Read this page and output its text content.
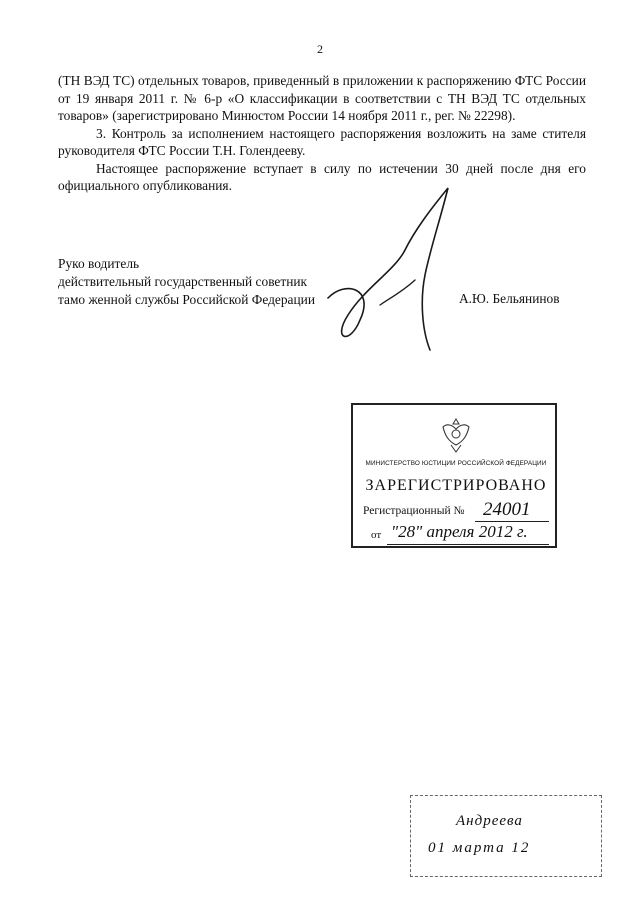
2

(ТН ВЭД ТС) отдельных товаров, приведенный в приложении к распоряжению ФТС России от 19 января 2011 г. № 6-р «О классификации в соответствии с ТН ВЭД ТС отдельных товаров» (зарегистрировано Минюстом России 14 ноября 2011 г., рег. № 22298).

3. Контроль за исполнением настоящего распоряжения возложить на заме стителя руководителя ФТС России Т.Н. Голендееву.

Настоящее распоряжение вступает в силу по истечении 30 дней после дня его официального опубликования.

Руко водитель
действительный государственный советник
тамо женной службы Российской Федерации	А.Ю. Бельянинов
МИНИСТЕРСТВО ЮСТИЦИИ РОССИЙСКОЙ ФЕДЕРАЦИИ
ЗАРЕГИСТРИРОВАНО
Регистрационный № 24001
от "28" апреля 2012 г.
Андреева
01 марта 12
